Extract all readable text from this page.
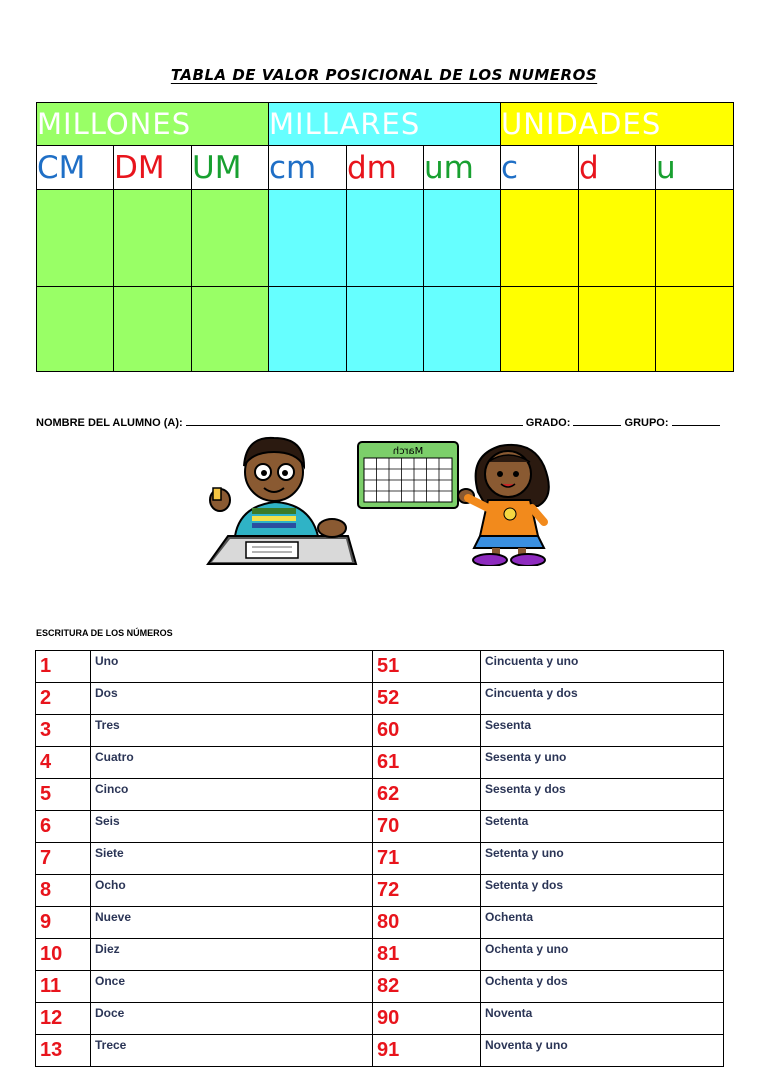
TABLA DE VALOR POSICIONAL DE LOS NUMEROS
MILLONES			MILLARES			UNIDADES		
CM	DM	UM	cm	dm	um	c	d	u

NOMBRE DEL ALUMNO (A):	GRADO:	GRUPO:
March
ESCRITURA DE LOS NÚMEROS
1	Uno	51	Cincuenta y uno
2	Dos	52	Cincuenta y dos
3	Tres	60	Sesenta
4	Cuatro	61	Sesenta y uno
5	Cinco	62	Sesenta y dos
6	Seis	70	Setenta
7	Siete	71	Setenta y uno
8	Ocho	72	Setenta y dos
9	Nueve	80	Ochenta
10	Diez	81	Ochenta y uno
11	Once	82	Ochenta y dos
12	Doce	90	Noventa
13	Trece	91	Noventa y uno
